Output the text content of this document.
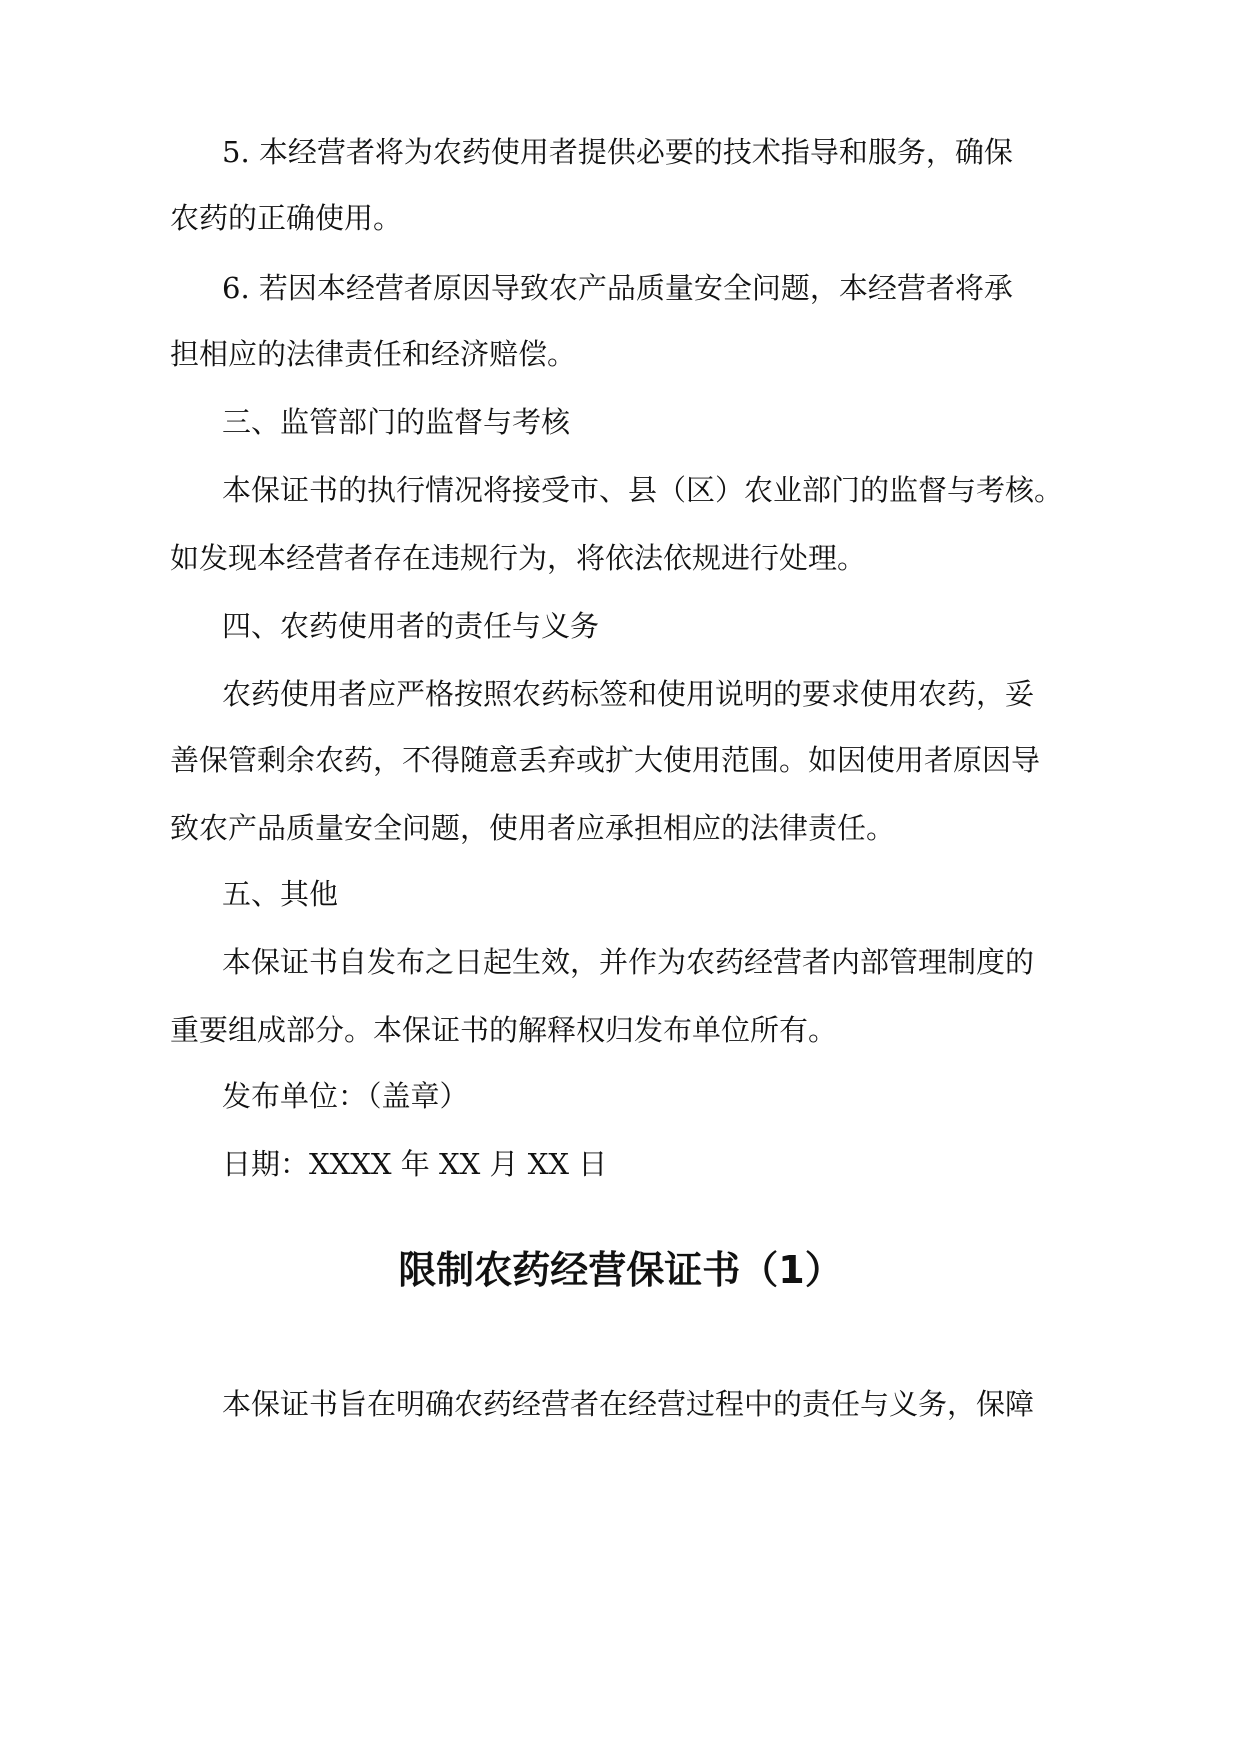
5. 本经营者将为农药使用者提供必要的技术指导和服务，确保

农药的正确使用。

6. 若因本经营者原因导致农产品质量安全问题，本经营者将承

担相应的法律责任和经济赔偿。

三、监管部门的监督与考核

本保证书的执行情况将接受市、县（区）农业部门的监督与考核。

如发现本经营者存在违规行为，将依法依规进行处理。

四、农药使用者的责任与义务

农药使用者应严格按照农药标签和使用说明的要求使用农药，妥

善保管剩余农药，不得随意丢弃或扩大使用范围。如因使用者原因导

致农产品质量安全问题，使用者应承担相应的法律责任。

五、其他

本保证书自发布之日起生效，并作为农药经营者内部管理制度的

重要组成部分。本保证书的解释权归发布单位所有。

发布单位：（盖章）

日期：XXXX 年 XX 月 XX 日

限制农药经营保证书（1）

本保证书旨在明确农药经营者在经营过程中的责任与义务，保障
